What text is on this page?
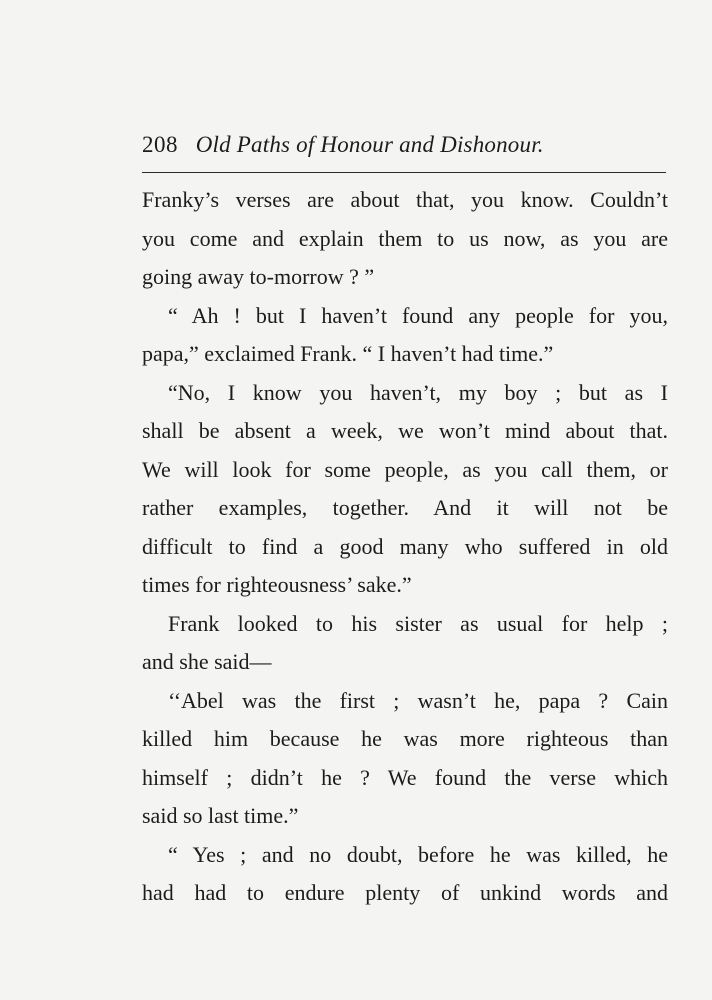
208 Old Paths of Honour and Dishonour.
Franky’s verses are about that, you know. Couldn’t
you come and explain them to us now, as you are
going away to-morrow ? ”
“ Ah ! but I haven’t found any people for you,
papa,” exclaimed Frank. “ I haven’t had time.”
“No, I know you haven’t, my boy ; but as I
shall be absent a week, we won’t mind about that.
We will look for some people, as you call them, or
rather examples, together. And it will not be
difficult to find a good many who suffered in old
times for righteousness’ sake.”
Frank looked to his sister as usual for help ;
and she said—
‘‘Abel was the first ; wasn’t he, papa ? Cain
killed him because he was more righteous than
himself ; didn’t he ? We found the verse which
said so last time.”
“ Yes ; and no doubt, before he was killed, he
had had to endure plenty of unkind words and
